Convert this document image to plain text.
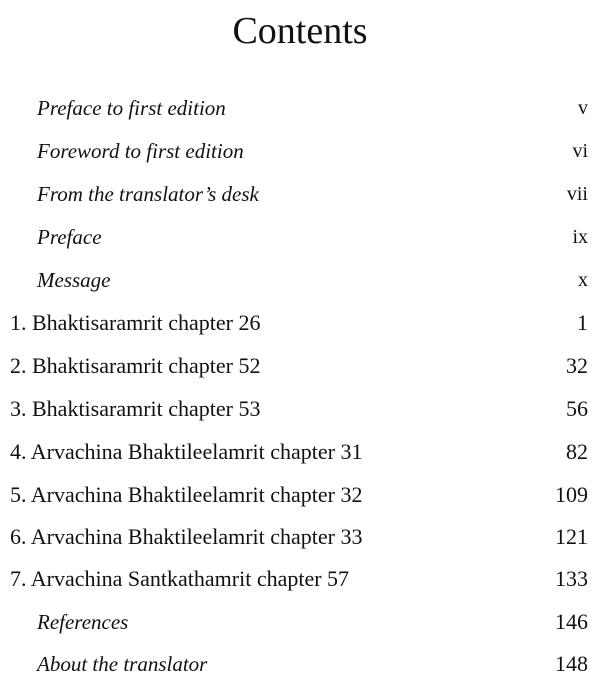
Contents
Preface to first edition	v
Foreword to first edition	vi
From the translator’s desk	vii
Preface	ix
Message	x
1. Bhaktisaramrit chapter 26	1
2. Bhaktisaramrit chapter 52	32
3. Bhaktisaramrit chapter 53	56
4. Arvachina Bhaktileelamrit chapter 31	82
5. Arvachina Bhaktileelamrit chapter 32	109
6. Arvachina Bhaktileelamrit chapter 33	121
7. Arvachina Santkathamrit chapter 57	133
References	146
About the translator	148
